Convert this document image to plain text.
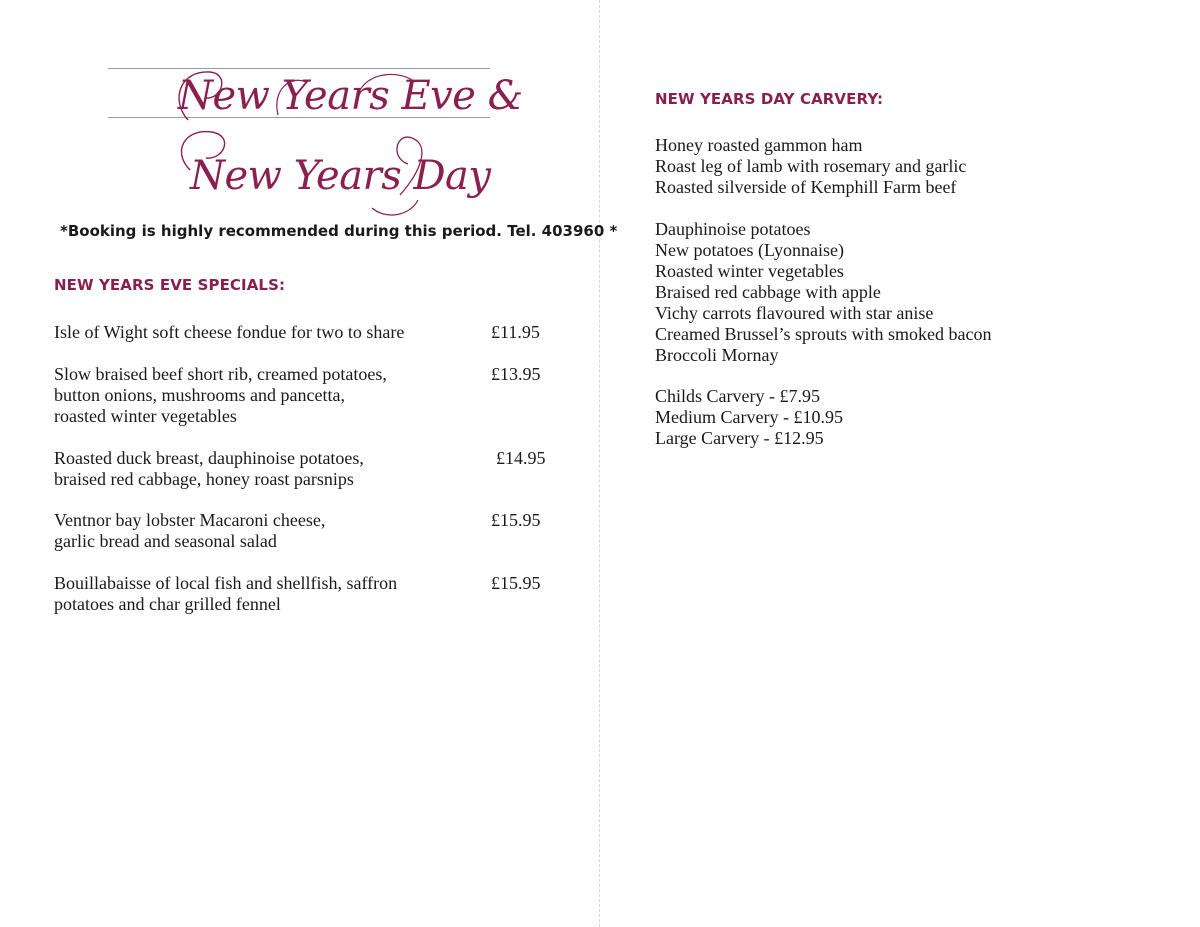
New Years Eve &
New Years Day
*Booking is highly recommended during this period. Tel. 403960 *
NEW YEARS EVE SPECIALS:
Isle of Wight soft cheese fondue for two to share	£11.95
Slow braised beef short rib, creamed potatoes,
button onions, mushrooms and pancetta,
roasted winter vegetables
£13.95
Roasted duck breast, dauphinoise potatoes,
braised red cabbage, honey roast parsnips
£14.95
Ventnor bay lobster Macaroni cheese,
garlic bread and seasonal salad
£15.95
Bouillabaisse of local fish and shellfish, saffron
potatoes and char grilled fennel
£15.95
NEW YEARS DAY CARVERY:
Honey roasted gammon ham
Roast leg of lamb with rosemary and garlic
Roasted silverside of Kemphill Farm beef
Dauphinoise potatoes
New potatoes (Lyonnaise)
Roasted winter vegetables
Braised red cabbage with apple
Vichy carrots flavoured with star anise
Creamed Brussel’s sprouts with smoked bacon
Broccoli Mornay
Childs Carvery - £7.95
Medium Carvery - £10.95
Large Carvery - £12.95
